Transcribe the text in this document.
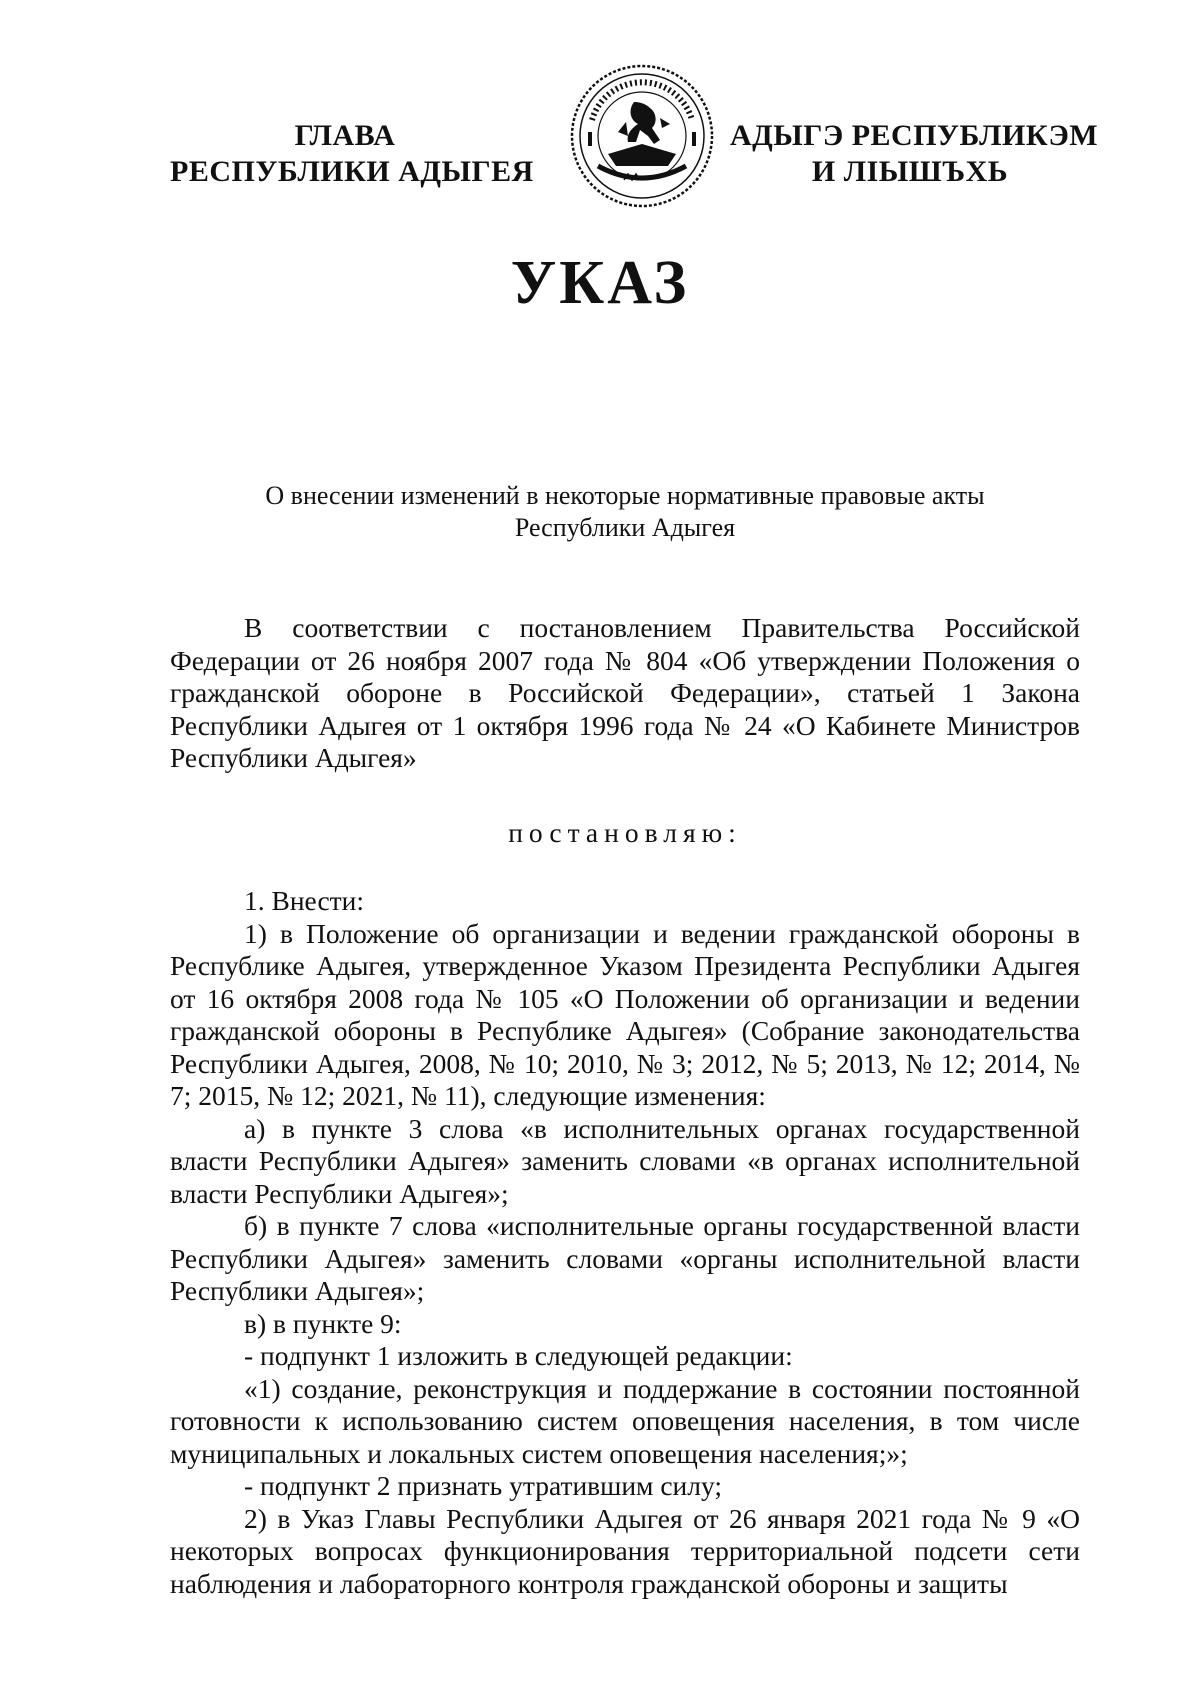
ГЛАВА
РЕСПУБЛИКИ АДЫГЕЯ
АДЫГЭ РЕСПУБЛИКЭМ
И ЛІЫШЪХЬ
УКАЗ
О внесении изменений в некоторые нормативные правовые акты
Республики Адыгея

В соответствии с постановлением Правительства Российской Федерации от 26 ноября 2007 года № 804 «Об утверждении Положения о гражданской обороне в Российской Федерации», статьей 1 Закона Республики Адыгея от 1 октября 1996 года № 24 «О Кабинете Министров Республики Адыгея»

постановляю:

1. Внести:

1) в Положение об организации и ведении гражданской обороны в Республике Адыгея, утвержденное Указом Президента Республики Адыгея от 16 октября 2008 года № 105 «О Положении об организации и ведении гражданской обороны в Республике Адыгея» (Собрание законодательства Республики Адыгея, 2008, № 10; 2010, № 3; 2012, № 5; 2013, № 12; 2014, № 7; 2015, № 12; 2021, № 11), следующие изменения:

а) в пункте 3 слова «в исполнительных органах государственной власти Республики Адыгея» заменить словами «в органах исполнительной власти Республики Адыгея»;

б) в пункте 7 слова «исполнительные органы государственной власти Республики Адыгея» заменить словами «органы исполнительной власти Республики Адыгея»;

в) в пункте 9:

- подпункт 1 изложить в следующей редакции:

«1) создание, реконструкция и поддержание в состоянии постоянной готовности к использованию систем оповещения населения, в том числе муниципальных и локальных систем оповещения населения;»;

- подпункт 2 признать утратившим силу;

2) в Указ Главы Республики Адыгея от 26 января 2021 года № 9 «О некоторых вопросах функционирования территориальной подсети сети наблюдения и лабораторного контроля гражданской обороны и защиты
